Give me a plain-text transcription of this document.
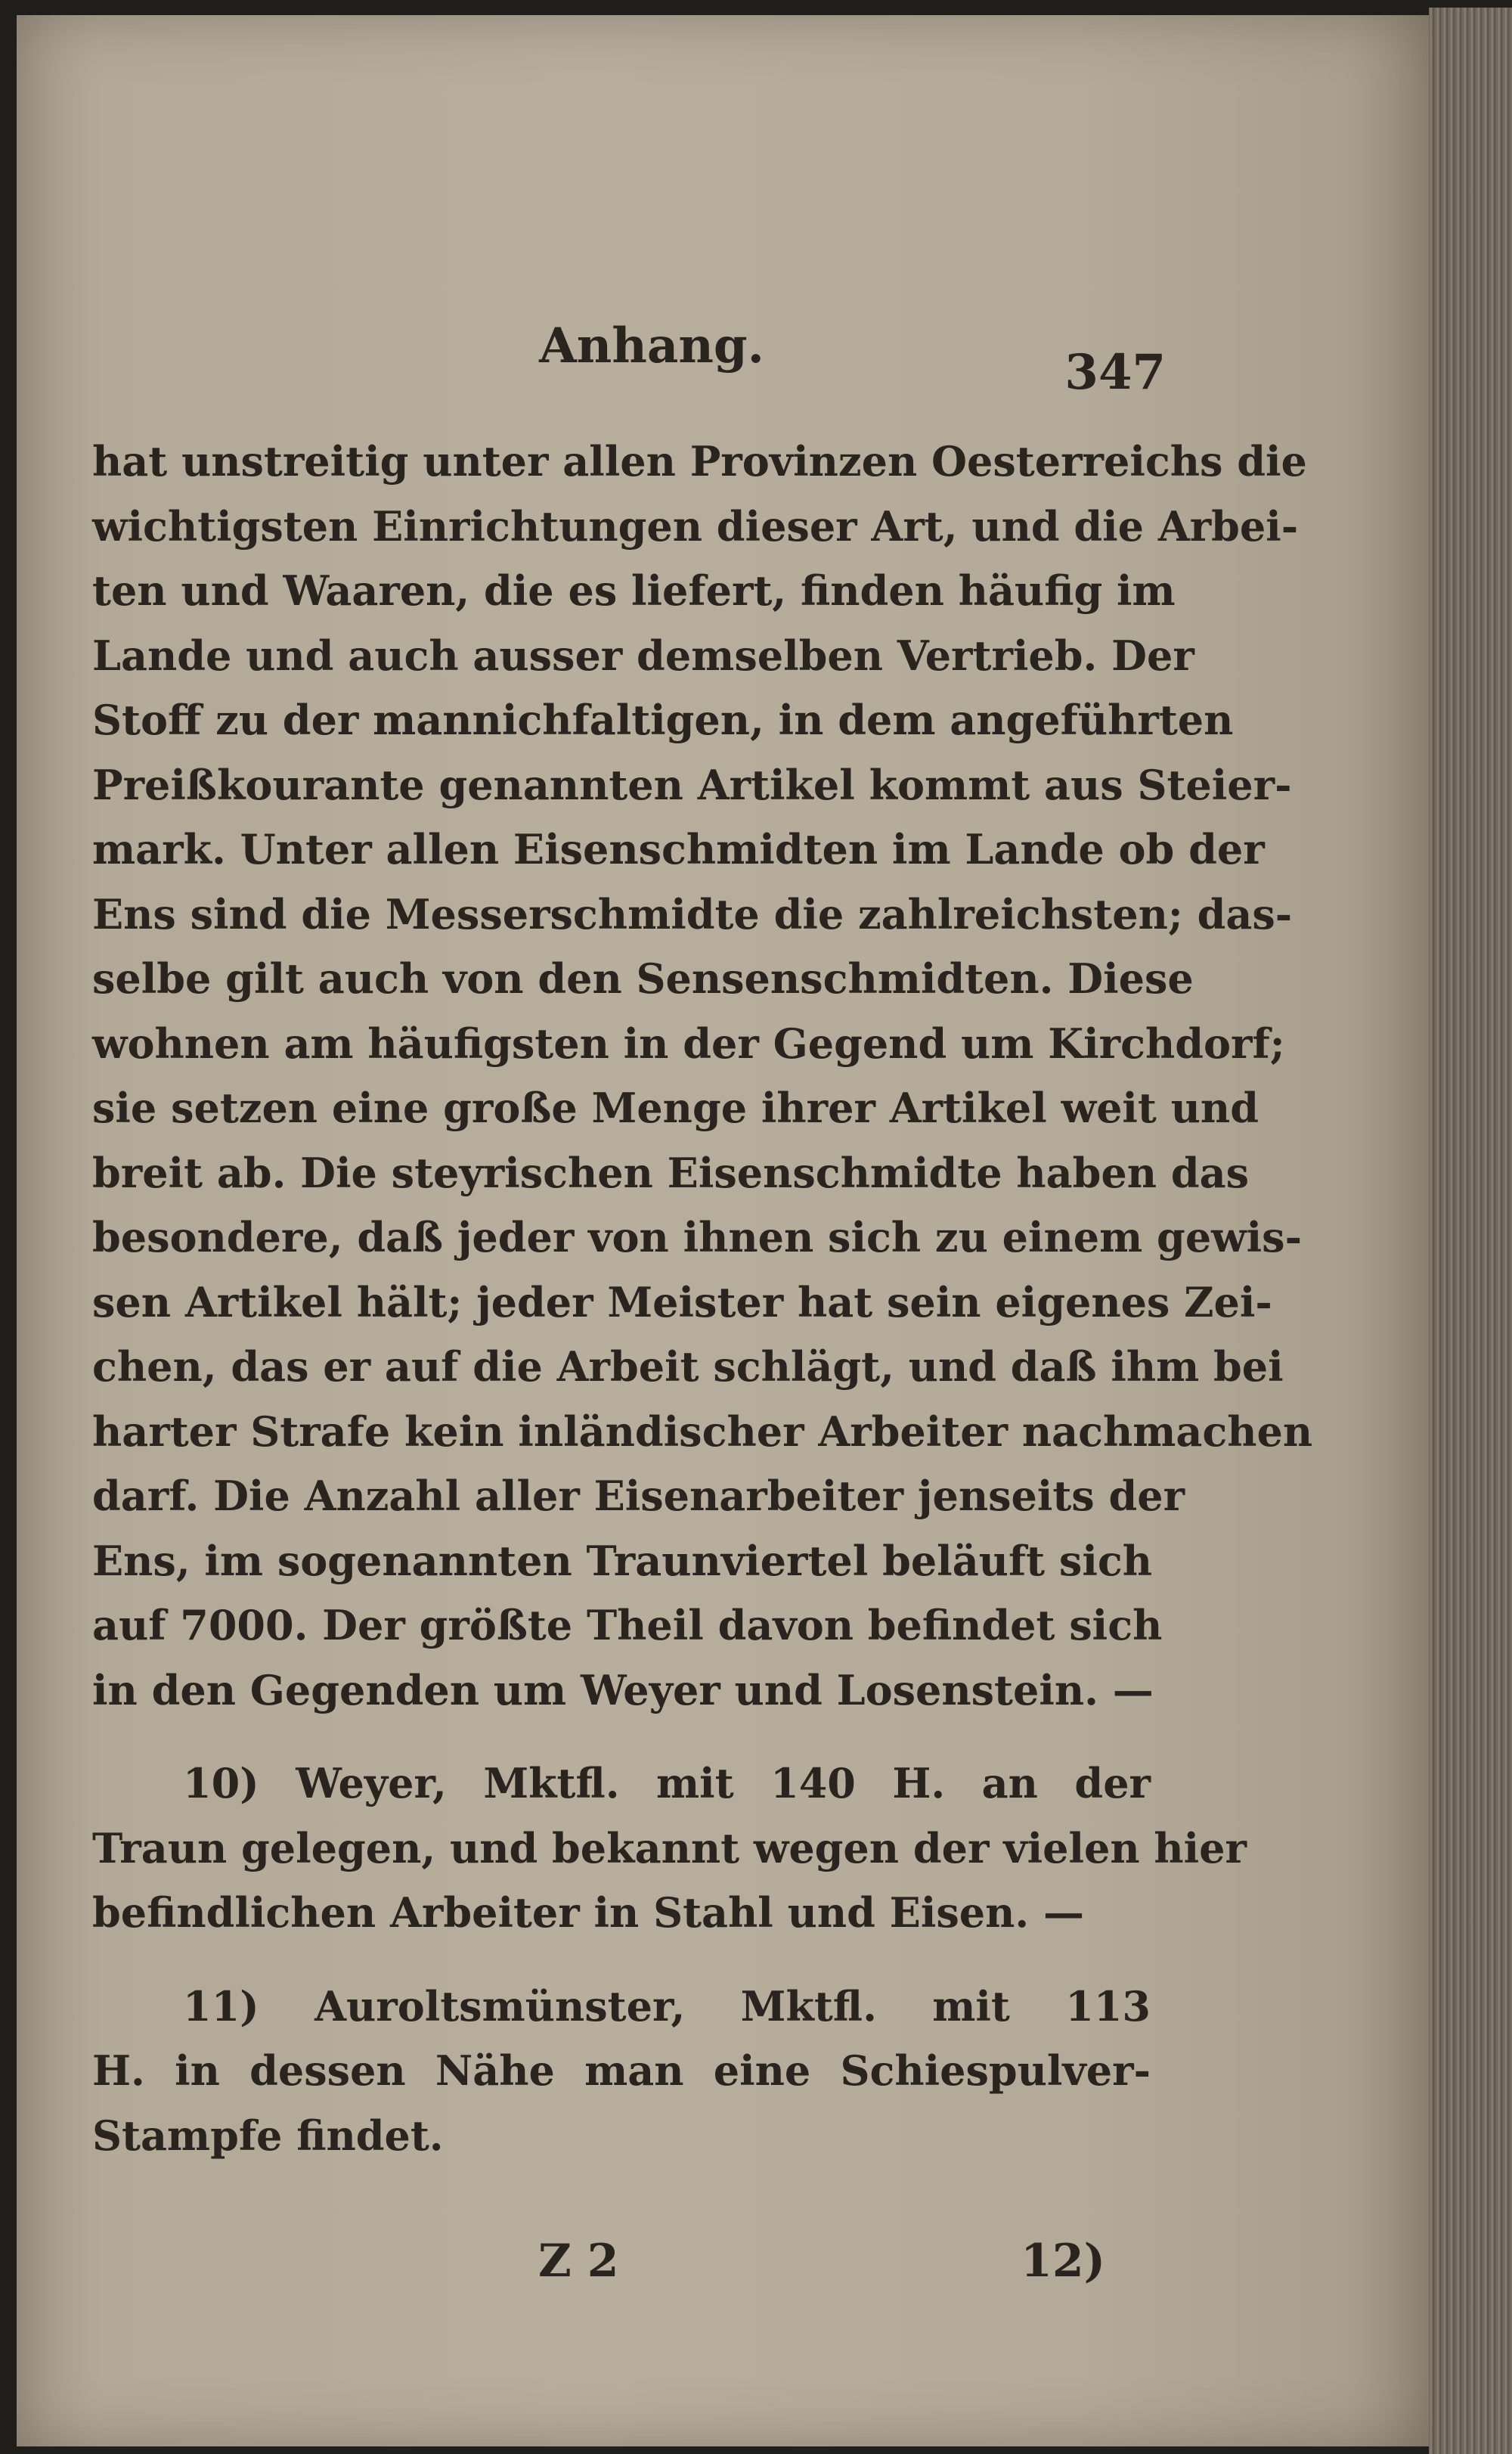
Anhang.	347
hat unstreitig unter allen Provinzen Oesterreichs die
wichtigsten Einrichtungen dieser Art, und die Arbei-
ten und Waaren, die es liefert, finden häufig im
Lande und auch ausser demselben Vertrieb. Der
Stoff zu der mannichfaltigen, in dem angeführten
Preißkourante genannten Artikel kommt aus Steier-
mark. Unter allen Eisenschmidten im Lande ob der
Ens sind die Messerschmidte die zahlreichsten; das-
selbe gilt auch von den Sensenschmidten. Diese
wohnen am häufigsten in der Gegend um Kirchdorf;
sie setzen eine große Menge ihrer Artikel weit und
breit ab. Die steyrischen Eisenschmidte haben das
besondere, daß jeder von ihnen sich zu einem gewis-
sen Artikel hält; jeder Meister hat sein eigenes Zei-
chen, das er auf die Arbeit schlägt, und daß ihm bei
harter Strafe kein inländischer Arbeiter nachmachen
darf. Die Anzahl aller Eisenarbeiter jenseits der
Ens, im sogenannten Traunviertel beläuft sich
auf 7000. Der größte Theil davon befindet sich
in den Gegenden um Weyer und Losenstein. —
10) Weyer, Mktfl. mit 140 H. an der
Traun gelegen, und bekannt wegen der vielen hier
befindlichen Arbeiter in Stahl und Eisen. —
11) Auroltsmünster, Mktfl. mit 113
H. in dessen Nähe man eine Schiespulver-
Stampfe findet.
Z 2	12)
